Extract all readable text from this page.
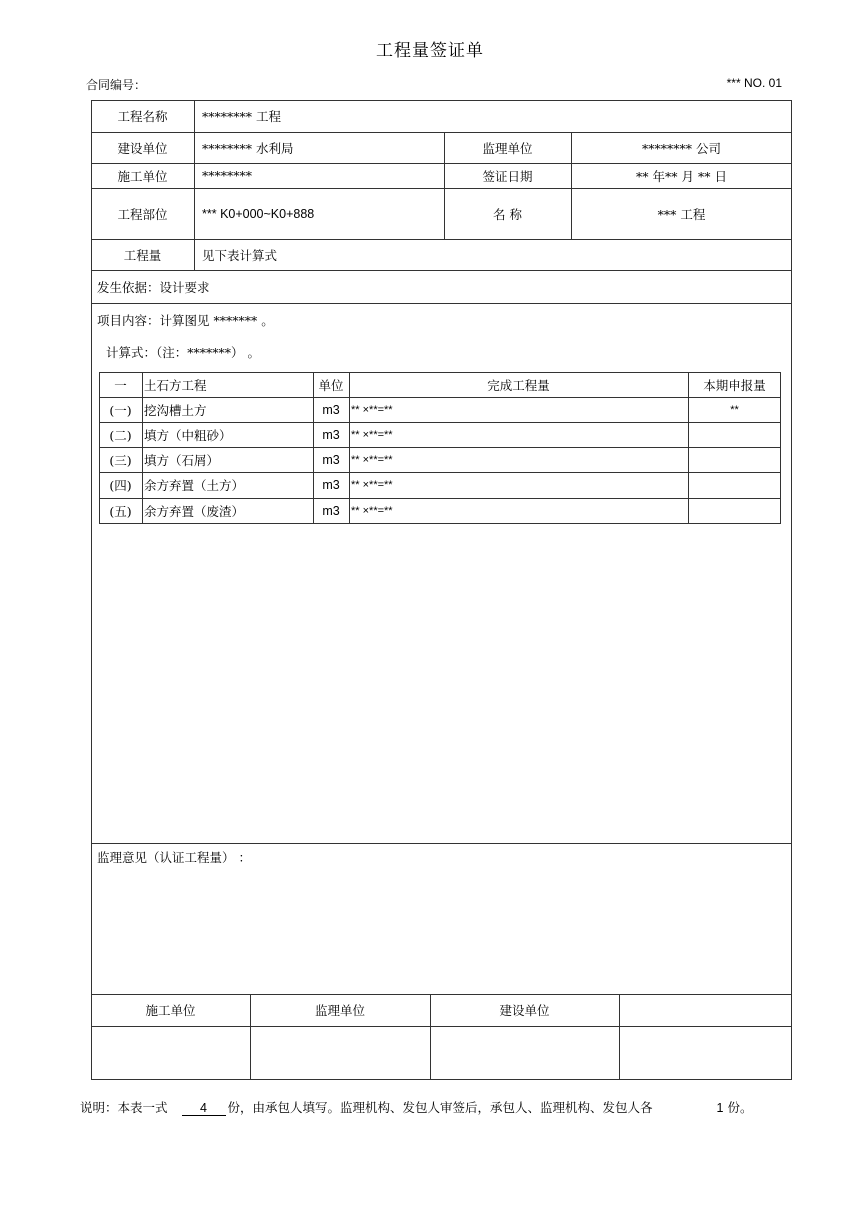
工程量签证单
合同编号：	*** NO. 01
工程名称	******** 工程
建设单位	******** 水利局	监理单位	******** 公司
施工单位	********	签证日期	** 年** 月 ** 日
工程部位	*** K0+000~K0+888	名 称	*** 工程
工程量	见下表计算式
发生依据：设计要求
项目内容：计算图见 ******* 。
计算式：（注：*******） 。
一	土石方工程	单位	完成工程量	本期申报量
(一) 挖沟槽土方	m3	** ×**=**	**
(二) 填方（中粗砂）	m3	** ×**=**
(三) 填方（石屑）	m3	** ×**=**
(四) 余方弃置（土方）	m3	** ×**=**
(五) 余方弃置（废渣）	m3	** ×**=**
监理意见（认证工程量） ：
施工单位	监理单位	建设单位
说明：本表一式	4 份，由承包人填写。监理机构、发包人审签后，承包人、监理机构、发包人各	1 份。
